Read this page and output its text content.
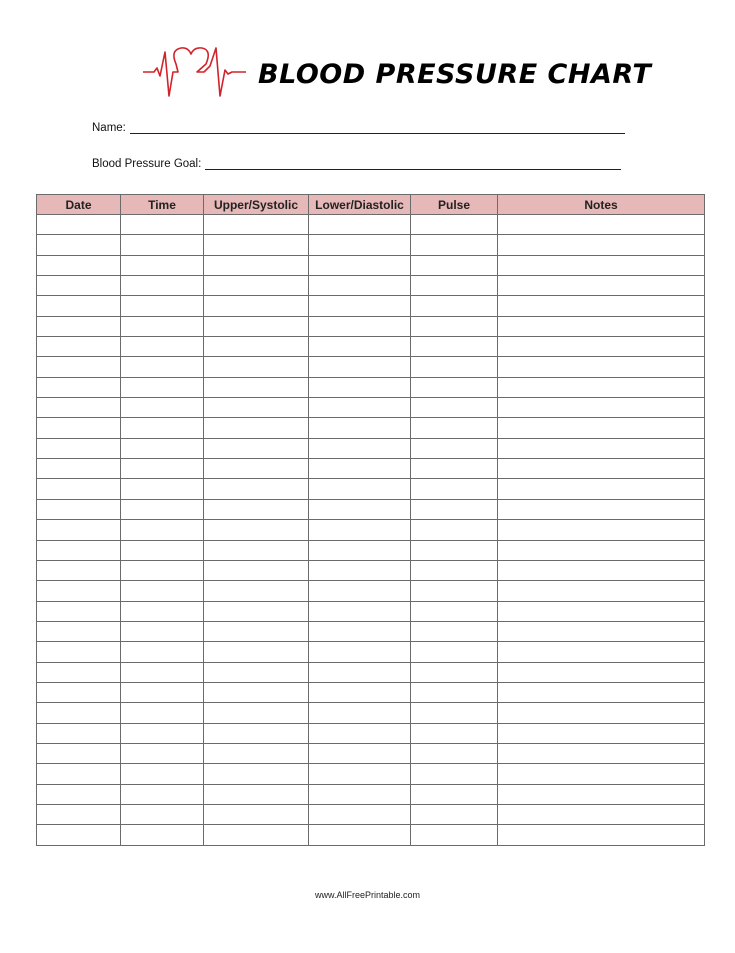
BLOOD PRESSURE CHART
Name:
Blood Pressure Goal:
Date	Time	Upper/Systolic	Lower/Diastolic	Pulse	Notes

www.AllFreePrintable.com
